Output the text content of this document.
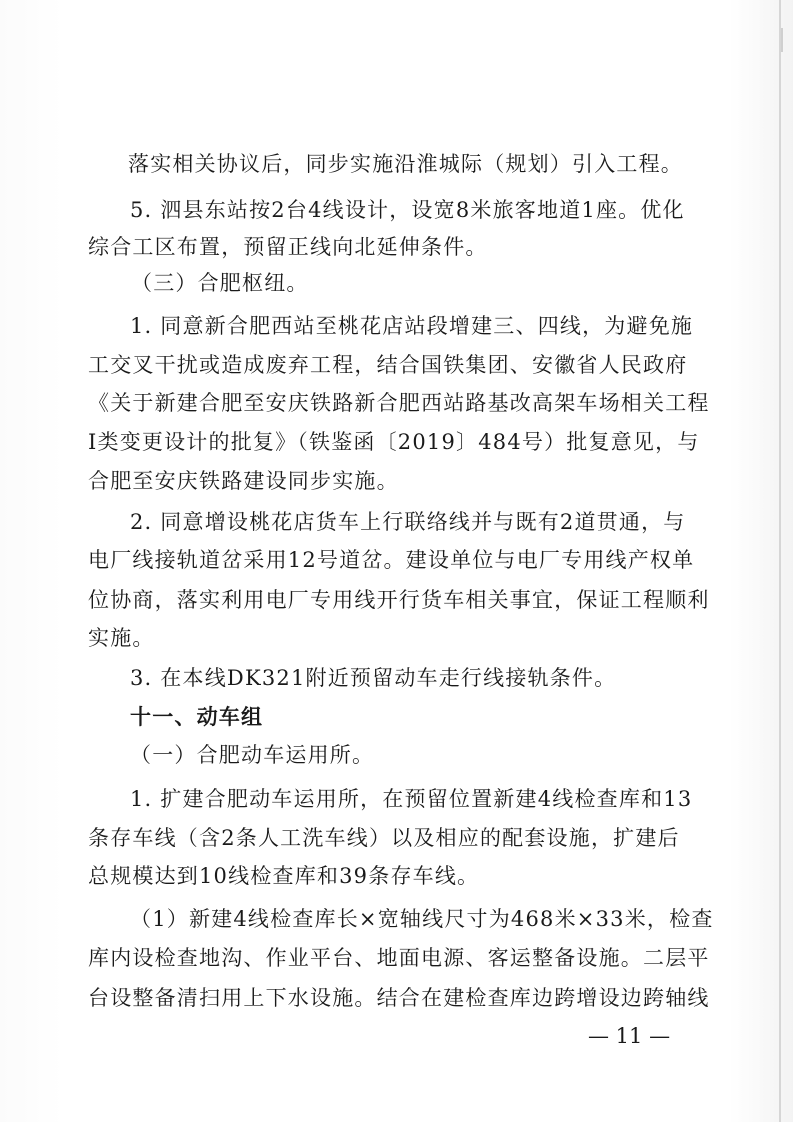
落实相关协议后，同步实施沿淮城际（规划）引入工程。
5. 泗县东站按2台4线设计，设宽8米旅客地道1座。优化
综合工区布置，预留正线向北延伸条件。
（三）合肥枢纽。
1. 同意新合肥西站至桃花店站段增建三、四线，为避免施
工交叉干扰或造成废弃工程，结合国铁集团、安徽省人民政府
《关于新建合肥至安庆铁路新合肥西站路基改高架车场相关工程
Ⅰ类变更设计的批复》（铁鉴函〔2019〕484号）批复意见，与
合肥至安庆铁路建设同步实施。
2. 同意增设桃花店货车上行联络线并与既有2道贯通，与
电厂线接轨道岔采用12号道岔。建设单位与电厂专用线产权单
位协商，落实利用电厂专用线开行货车相关事宜，保证工程顺利
实施。
3. 在本线DK321附近预留动车走行线接轨条件。
十一、动车组
（一）合肥动车运用所。
1. 扩建合肥动车运用所，在预留位置新建4线检查库和13
条存车线（含2条人工洗车线）以及相应的配套设施，扩建后
总规模达到10线检查库和39条存车线。
（1）新建4线检查库长×宽轴线尺寸为468米×33米，检查
库内设检查地沟、作业平台、地面电源、客运整备设施。二层平
台设整备清扫用上下水设施。结合在建检查库边跨增设边跨轴线
— 11 —
